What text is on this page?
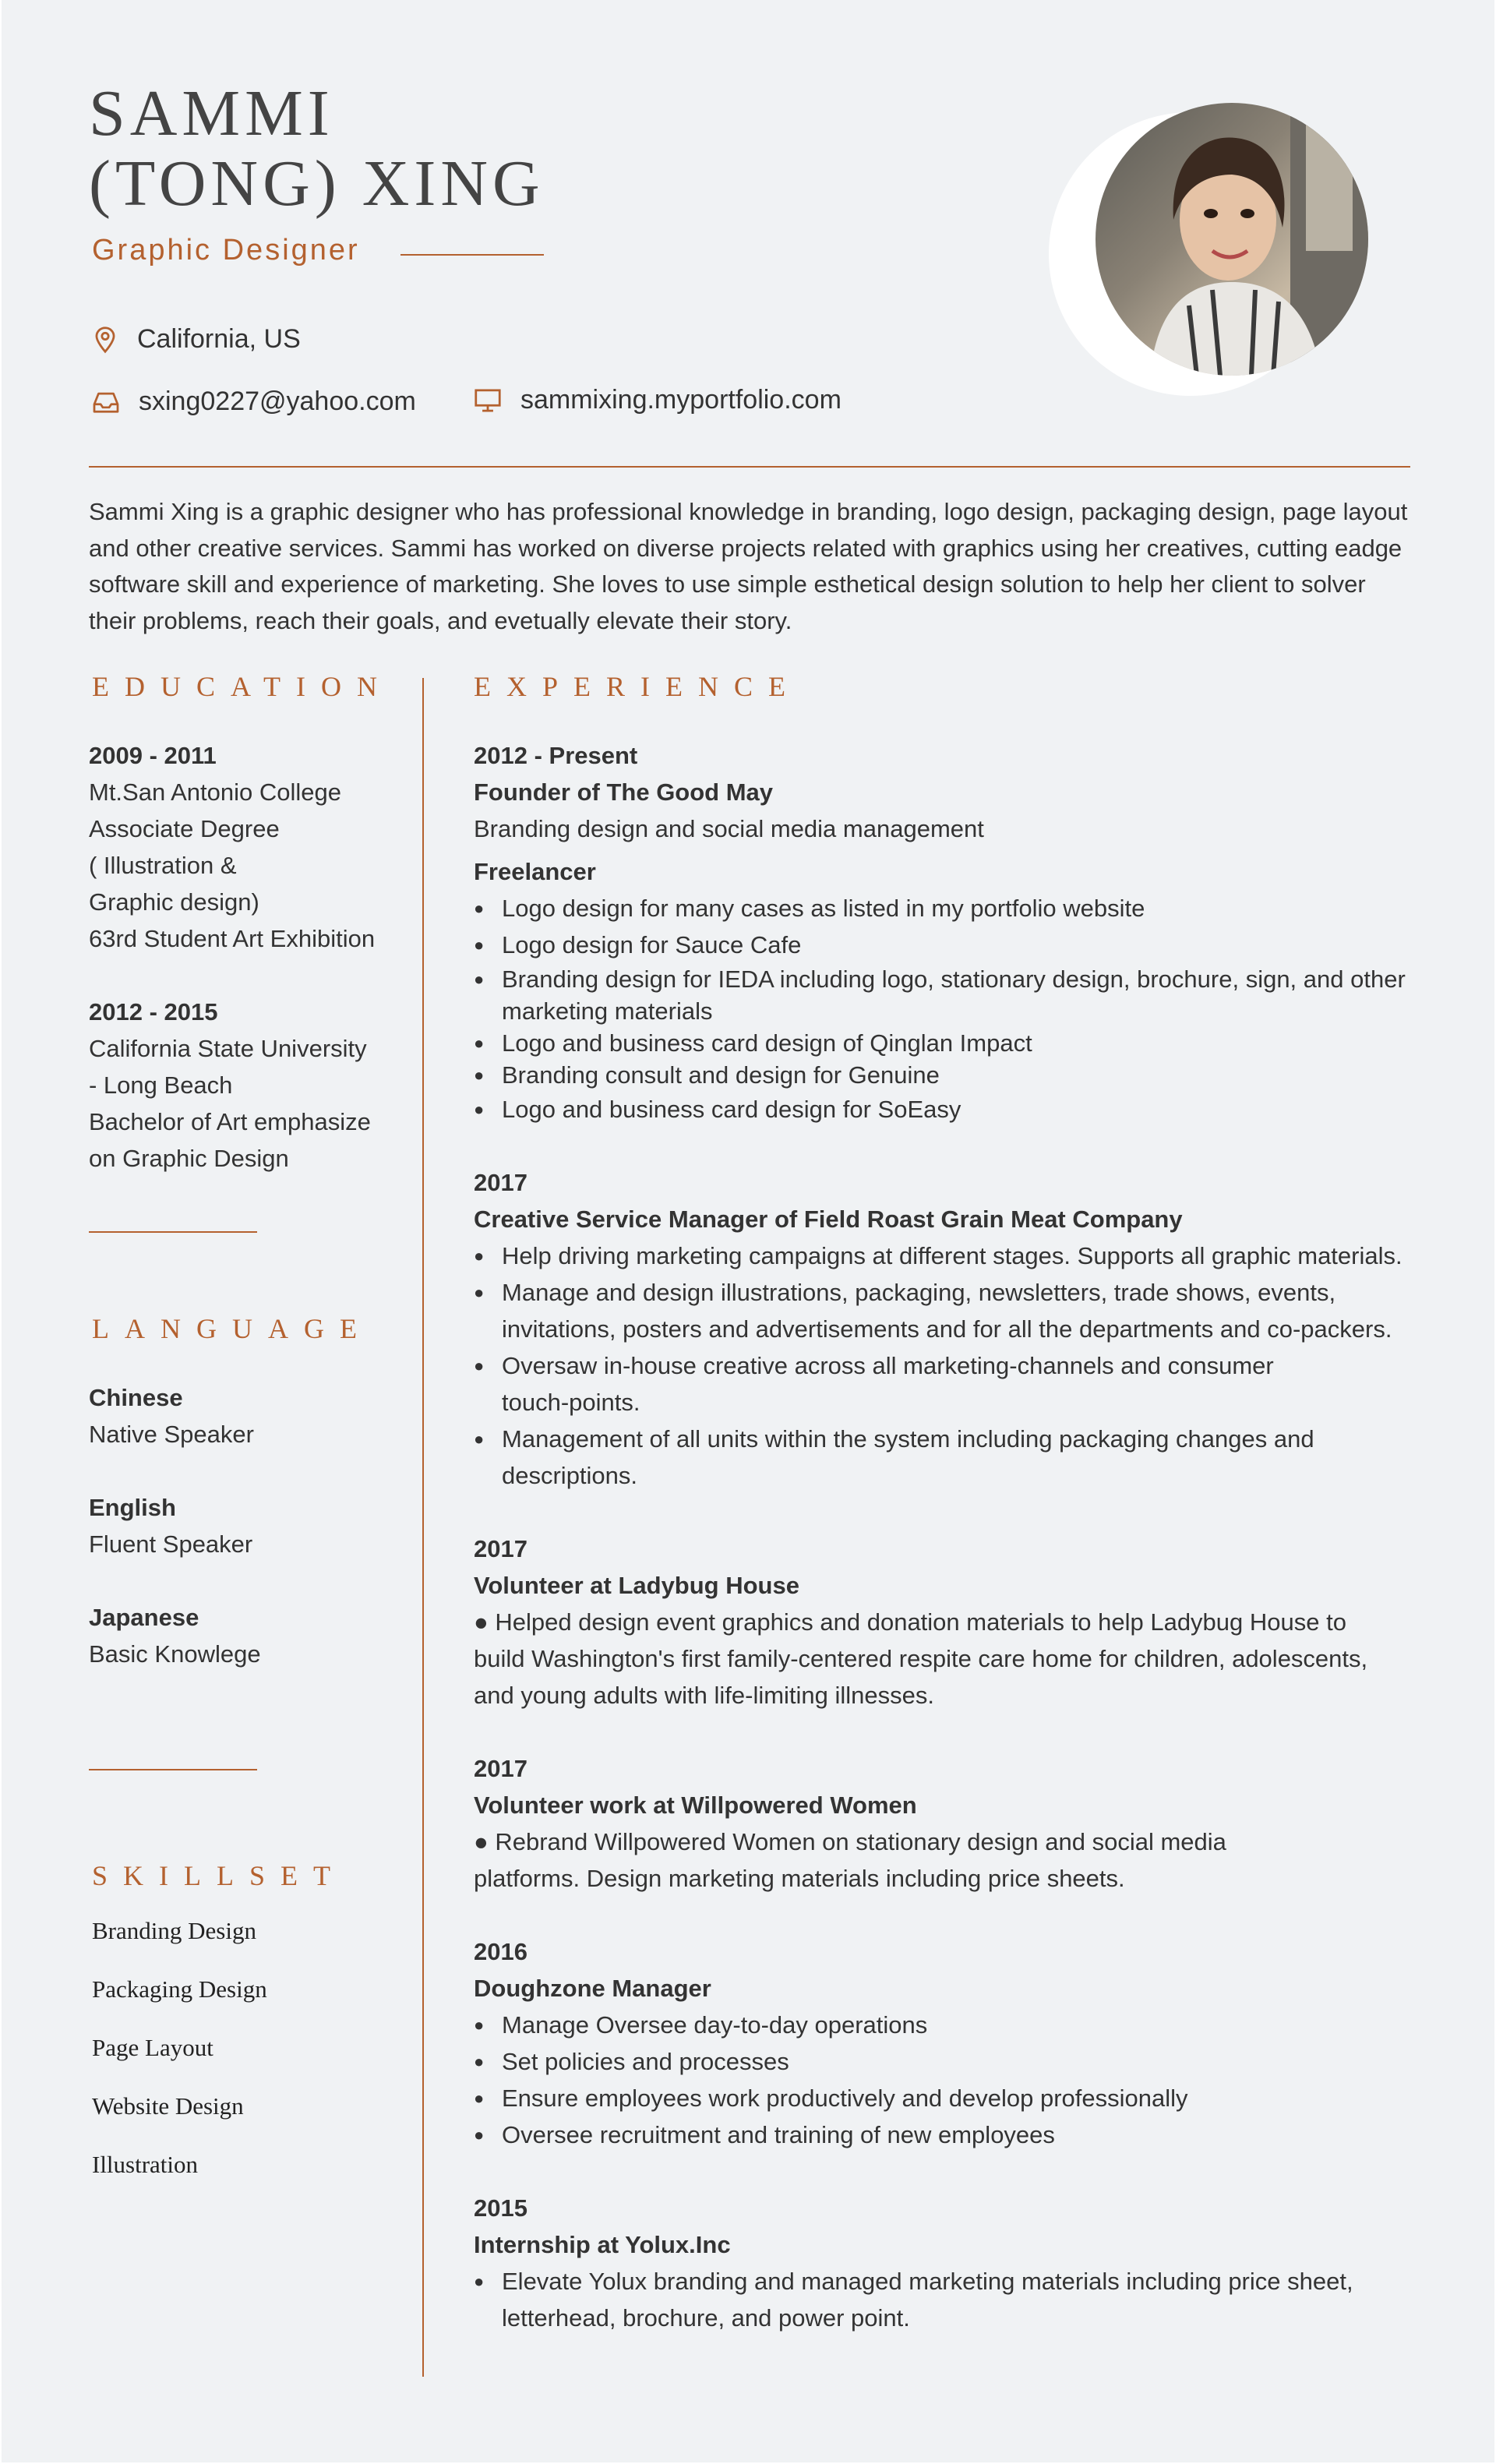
SAMMI
(TONG) XING
Graphic Designer
California, US
sxing0227@yahoo.com	sammixing.myportfolio.com
Sammi Xing is a graphic designer who has professional knowledge in branding, logo design, packaging design, page layout and other creative services. Sammi has worked on diverse projects related with graphics using her creatives, cutting eadge software skill and experience of marketing. She loves to use simple esthetical design solution to help her client to solver their problems, reach their goals, and evetually elevate their story.
EDUCATION	EXPERIENCE
LANGUAGE
SKILLSET
2009 - 2011
Mt.San Antonio College
Associate Degree
( Illustration &
Graphic design)
63rd Student Art Exhibition
2012 - 2015
California State University
- Long Beach
Bachelor of Art emphasize
on Graphic Design
Chinese
Native Speaker
English
Fluent Speaker
Japanese
Basic Knowlege
Branding Design
Packaging Design
Page Layout
Website Design
Illustration
2012 - Present
Founder of The Good May
Branding design and social media management
Freelancer
● Logo design for many cases as listed in my portfolio website
● Logo design for Sauce Cafe
● Branding design for IEDA including logo, stationary design, brochure, sign, and other marketing materials
● Logo and business card design of Qinglan Impact
● Branding consult and design for Genuine
● Logo and business card design for SoEasy
2017
Creative Service Manager of Field Roast Grain Meat Company
● Help driving marketing campaigns at different stages. Supports all graphic materials.
● Manage and design illustrations, packaging, newsletters, trade shows, events, invitations, posters and advertisements and for all the departments and co-packers.
● Oversaw in-house creative across all marketing-channels and consumer touch-points.
● Management of all units within the system including packaging changes and descriptions.
2017
Volunteer at Ladybug House
● Helped design event graphics and donation materials to help Ladybug House to build Washington's first family-centered respite care home for children, adolescents, and young adults with life-limiting illnesses.
2017
Volunteer work at Willpowered Women
● Rebrand Willpowered Women on stationary design and social media platforms. Design marketing materials including price sheets.
2016
Doughzone Manager
● Manage Oversee day-to-day operations
● Set policies and processes
● Ensure employees work productively and develop professionally
● Oversee recruitment and training of new employees
2015
Internship at Yolux.Inc
● Elevate Yolux branding and managed marketing materials including price sheet, letterhead, brochure, and power point.
